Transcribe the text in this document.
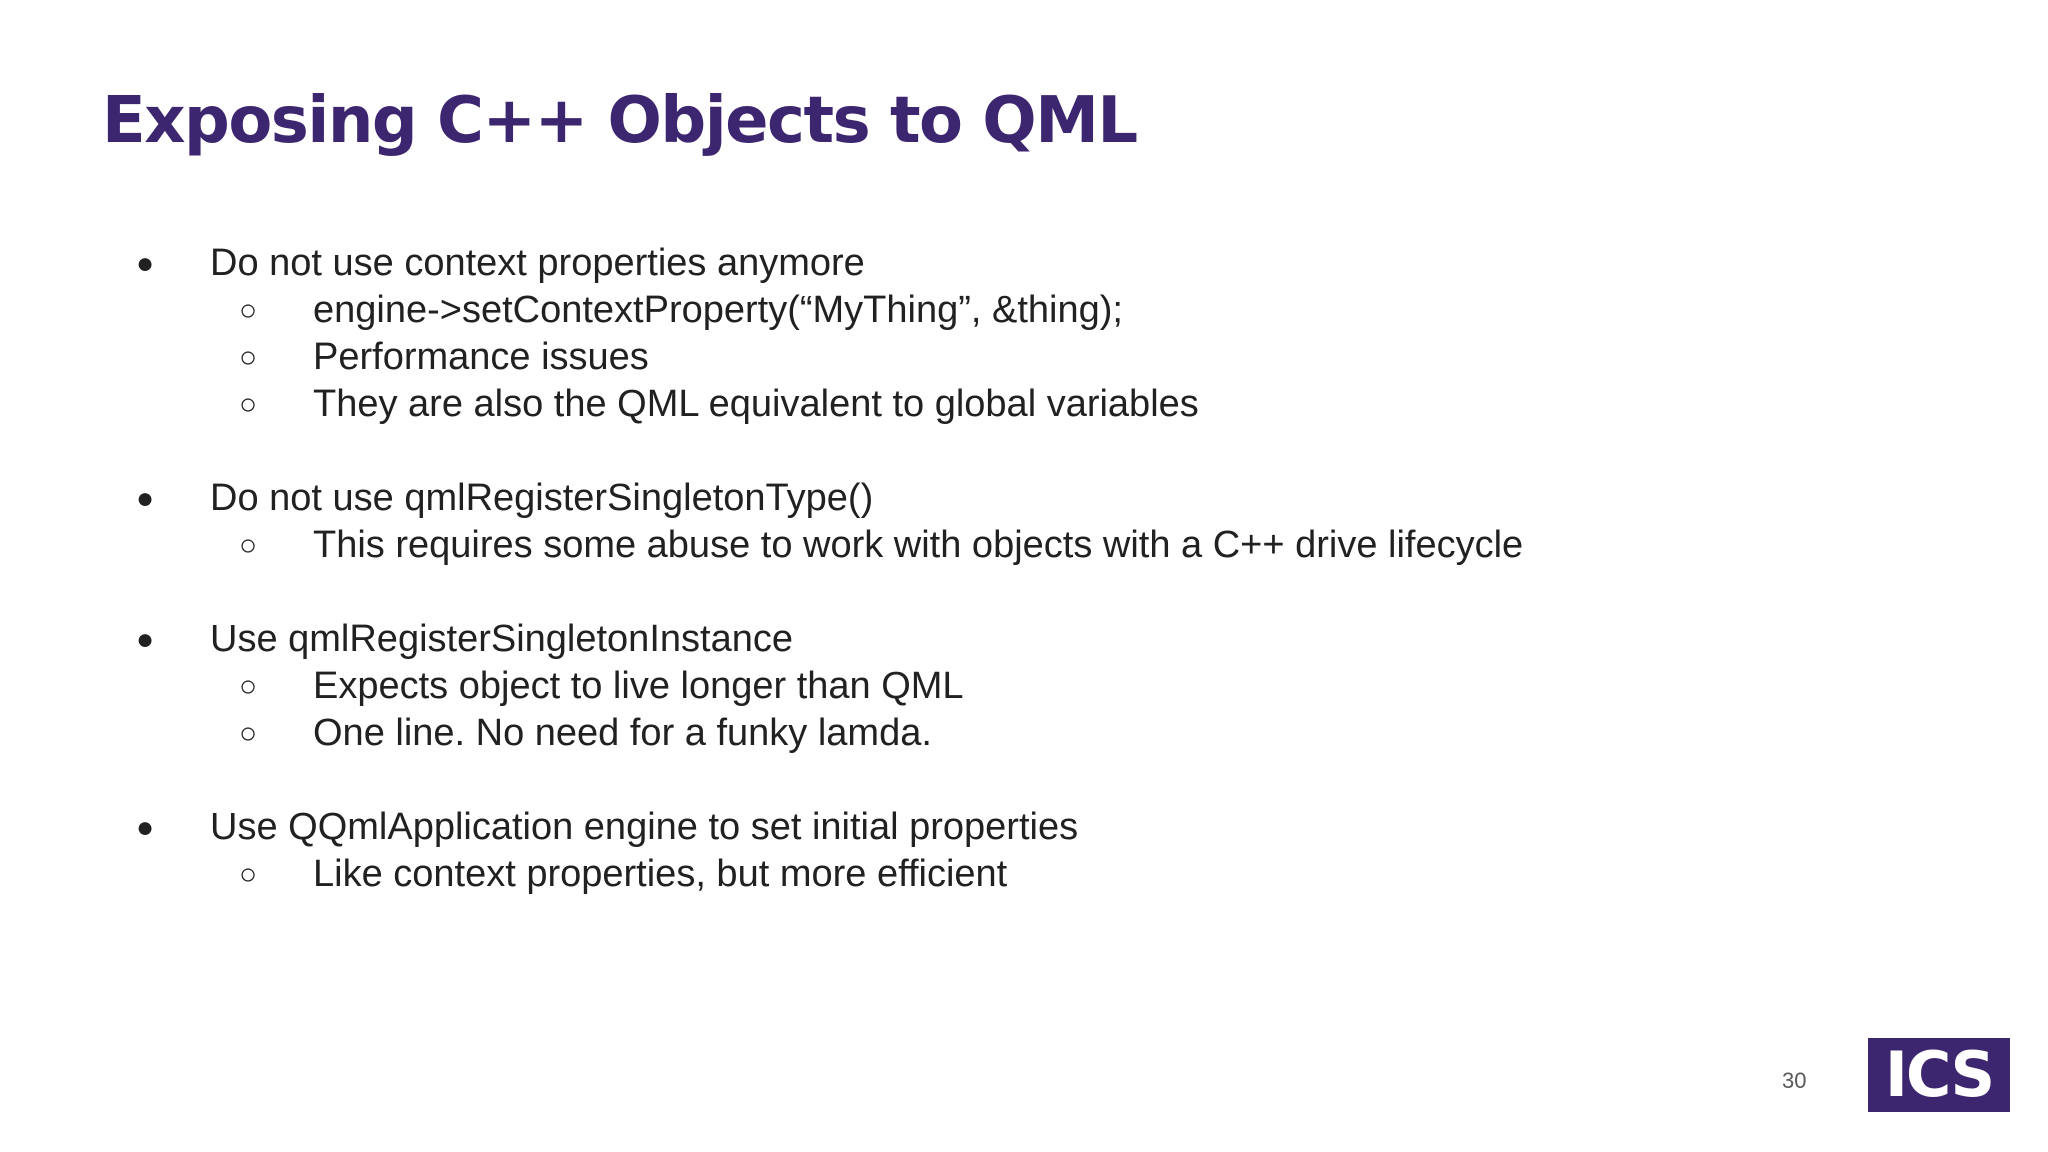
Exposing C++ Objects to QML
● Do not use context properties anymore
○ engine->setContextProperty(“MyThing”, &thing);
○ Performance issues
○ They are also the QML equivalent to global variables
● Do not use qmlRegisterSingletonType()
○ This requires some abuse to work with objects with a C++ drive lifecycle
● Use qmlRegisterSingletonInstance
○ Expects object to live longer than QML
○ One line. No need for a funky lamda.
● Use QQmlApplication engine to set initial properties
○ Like context properties, but more efficient
30 ICS
